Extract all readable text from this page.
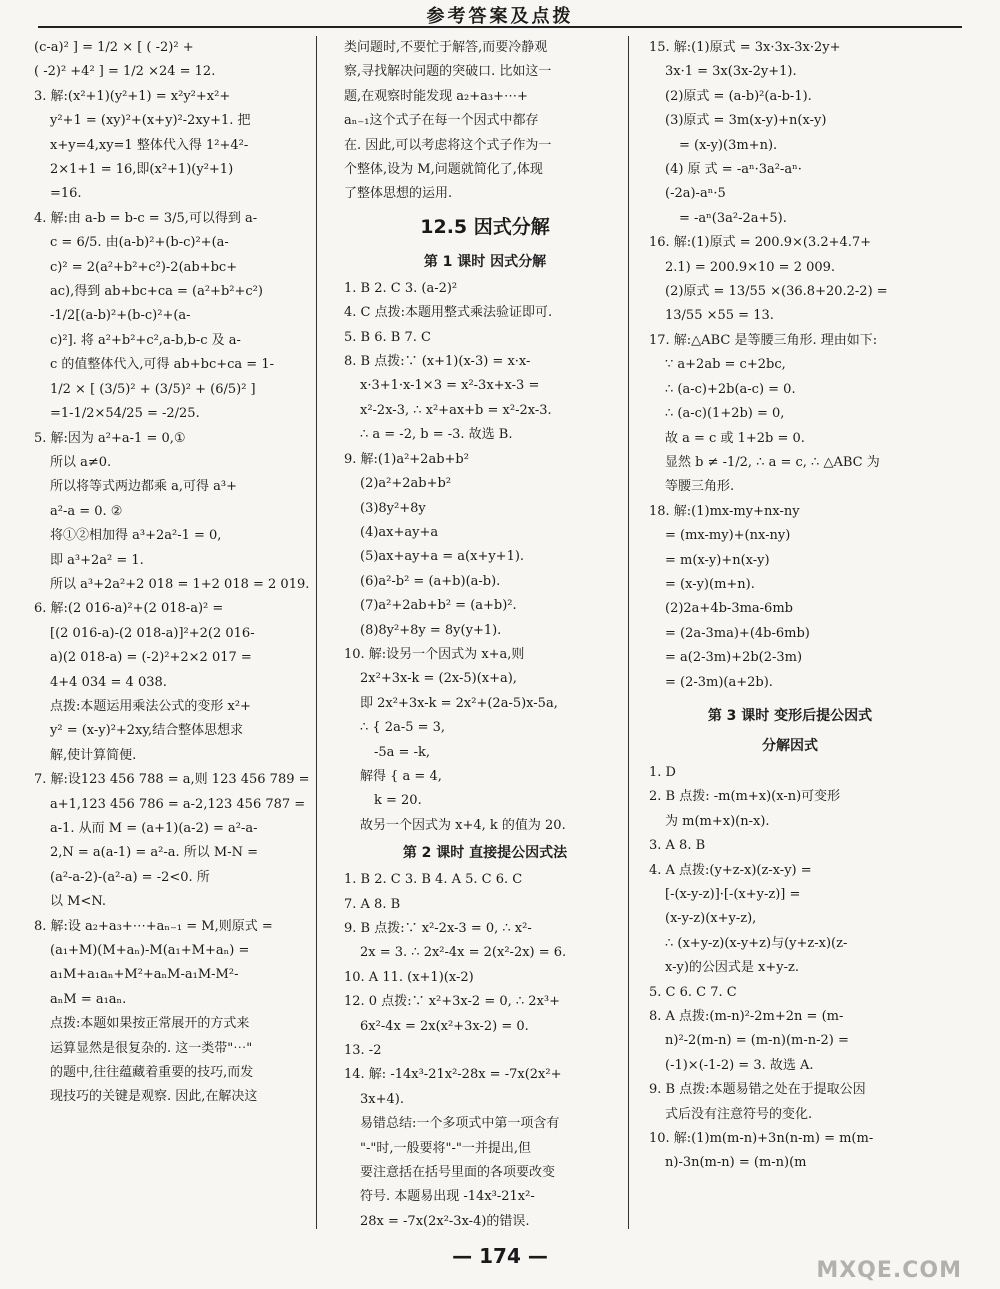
参考答案及点拨
(c-a)² ] = 1/2 × [ ( -2)² +
( -2)² +4² ] = 1/2 ×24 = 12.
3. 解:(x²+1)(y²+1) = x²y²+x²+
y²+1 = (xy)²+(x+y)²-2xy+1. 把
x+y=4,xy=1 整体代入得 1²+4²-
2×1+1 = 16,即(x²+1)(y²+1)
=16.
4. 解:由 a-b = b-c = 3/5,可以得到 a-
c = 6/5. 由(a-b)²+(b-c)²+(a-
c)² = 2(a²+b²+c²)-2(ab+bc+
ac),得到 ab+bc+ca = (a²+b²+c²)
-1/2[(a-b)²+(b-c)²+(a-
c)²]. 将 a²+b²+c²,a-b,b-c 及 a-
c 的值整体代入,可得 ab+bc+ca = 1-
1/2 × [ (3/5)² + (3/5)² + (6/5)² ]
=1-1/2×54/25 = -2/25.
5. 解:因为 a²+a-1 = 0,①
所以 a≠0.
所以将等式两边都乘 a,可得 a³+
a²-a = 0. ②
将①②相加得 a³+2a²-1 = 0,
即 a³+2a² = 1.
所以 a³+2a²+2 018 = 1+2 018 = 2 019.
6. 解:(2 016-a)²+(2 018-a)² =
[(2 016-a)-(2 018-a)]²+2(2 016-
a)(2 018-a) = (-2)²+2×2 017 =
4+4 034 = 4 038.
点拨:本题运用乘法公式的变形 x²+
y² = (x-y)²+2xy,结合整体思想求
解,使计算简便.
7. 解:设123 456 788 = a,则 123 456 789 =
a+1,123 456 786 = a-2,123 456 787 =
a-1. 从而 M = (a+1)(a-2) = a²-a-
2,N = a(a-1) = a²-a. 所以 M-N =
(a²-a-2)-(a²-a) = -2<0. 所
以 M<N.
8. 解:设 a₂+a₃+⋯+aₙ₋₁ = M,则原式 =
(a₁+M)(M+aₙ)-M(a₁+M+aₙ) =
a₁M+a₁aₙ+M²+aₙM-a₁M-M²-
aₙM = a₁aₙ.
点拨:本题如果按正常展开的方式来
运算显然是很复杂的. 这一类带"⋯"
的题中,往往蕴藏着重要的技巧,而发
现技巧的关键是观察. 因此,在解决这
类问题时,不要忙于解答,而要冷静观
察,寻找解决问题的突破口. 比如这一
题,在观察时能发现 a₂+a₃+⋯+
aₙ₋₁这个式子在每一个因式中都存
在. 因此,可以考虑将这个式子作为一
个整体,设为 M,问题就简化了,体现
了整体思想的运用.
12.5 因式分解
第 1 课时 因式分解
1. B 2. C 3. (a-2)²
4. C 点拨:本题用整式乘法验证即可.
5. B 6. B 7. C
8. B 点拨:∵ (x+1)(x-3) = x·x-
x·3+1·x-1×3 = x²-3x+x-3 =
x²-2x-3, ∴ x²+ax+b = x²-2x-3.
∴ a = -2, b = -3. 故选 B.
9. 解:(1)a²+2ab+b²
(2)a²+2ab+b²
(3)8y²+8y
(4)ax+ay+a
(5)ax+ay+a = a(x+y+1).
(6)a²-b² = (a+b)(a-b).
(7)a²+2ab+b² = (a+b)².
(8)8y²+8y = 8y(y+1).
10. 解:设另一个因式为 x+a,则
2x²+3x-k = (2x-5)(x+a),
即 2x²+3x-k = 2x²+(2a-5)x-5a,
∴ { 2a-5 = 3,
-5a = -k,
解得 { a = 4,
k = 20.
故另一个因式为 x+4, k 的值为 20.
第 2 课时 直接提公因式法
1. B 2. C 3. B 4. A 5. C 6. C
7. A 8. B
9. B 点拨:∵ x²-2x-3 = 0, ∴ x²-
2x = 3. ∴ 2x²-4x = 2(x²-2x) = 6.
10. A 11. (x+1)(x-2)
12. 0 点拨:∵ x²+3x-2 = 0, ∴ 2x³+
6x²-4x = 2x(x²+3x-2) = 0.
13. -2
14. 解: -14x³-21x²-28x = -7x(2x²+
3x+4).
易错总结:一个多项式中第一项含有
"-"时,一般要将"-"一并提出,但
要注意括在括号里面的各项要改变
符号. 本题易出现 -14x³-21x²-
28x = -7x(2x²-3x-4)的错误.
15. 解:(1)原式 = 3x·3x-3x·2y+
3x·1 = 3x(3x-2y+1).
(2)原式 = (a-b)²(a-b-1).
(3)原式 = 3m(x-y)+n(x-y)
= (x-y)(3m+n).
(4) 原 式 = -aⁿ·3a²-aⁿ·
(-2a)-aⁿ·5
= -aⁿ(3a²-2a+5).
16. 解:(1)原式 = 200.9×(3.2+4.7+
2.1) = 200.9×10 = 2 009.
(2)原式 = 13/55 ×(36.8+20.2-2) =
13/55 ×55 = 13.
17. 解:△ABC 是等腰三角形. 理由如下:
∵ a+2ab = c+2bc,
∴ (a-c)+2b(a-c) = 0.
∴ (a-c)(1+2b) = 0,
故 a = c 或 1+2b = 0.
显然 b ≠ -1/2, ∴ a = c, ∴ △ABC 为
等腰三角形.
18. 解:(1)mx-my+nx-ny
= (mx-my)+(nx-ny)
= m(x-y)+n(x-y)
= (x-y)(m+n).
(2)2a+4b-3ma-6mb
= (2a-3ma)+(4b-6mb)
= a(2-3m)+2b(2-3m)
= (2-3m)(a+2b).
第 3 课时 变形后提公因式
分解因式
1. D
2. B 点拨: -m(m+x)(x-n)可变形
为 m(m+x)(n-x).
3. A 8. B
4. A 点拨:(y+z-x)(z-x-y) =
[-(x-y-z)]·[-(x+y-z)] =
(x-y-z)(x+y-z),
∴ (x+y-z)(x-y+z)与(y+z-x)(z-
x-y)的公因式是 x+y-z.
5. C 6. C 7. C
8. A 点拨:(m-n)²-2m+2n = (m-
n)²-2(m-n) = (m-n)(m-n-2) =
(-1)×(-1-2) = 3. 故选 A.
9. B 点拨:本题易错之处在于提取公因
式后没有注意符号的变化.
10. 解:(1)m(m-n)+3n(n-m) = m(m-
n)-3n(m-n) = (m-n)(m
— 174 —
MXQE.COM
